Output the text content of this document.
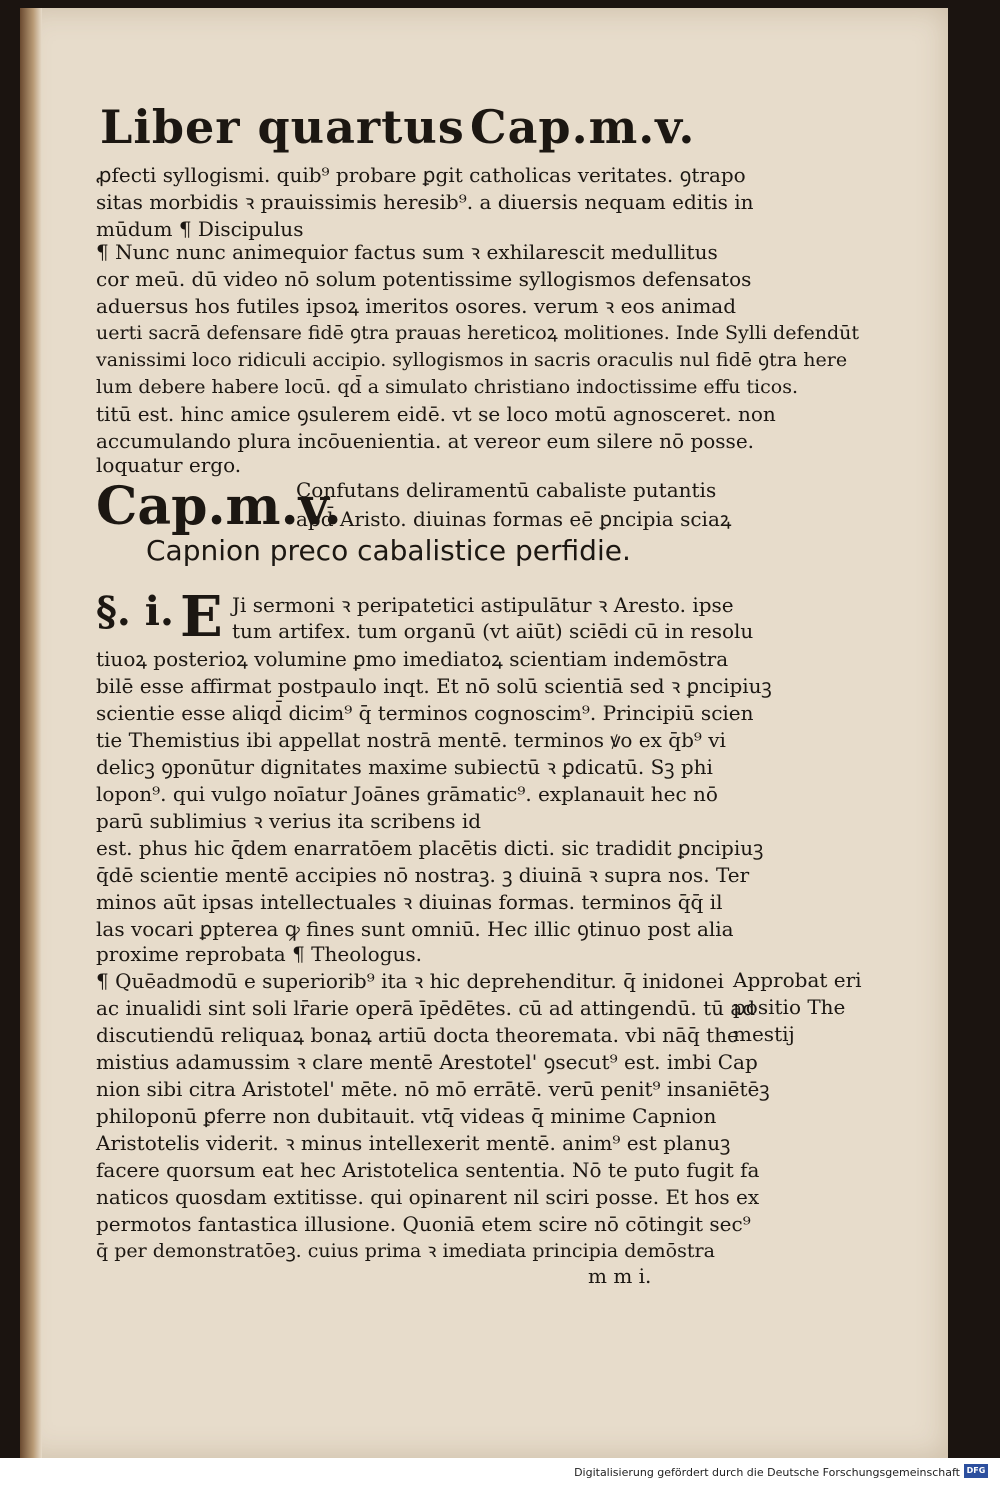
Liber quartus Cap.m.v.
ꝓfecti syllogismi. quib⁹ probare ꝑgit catholicas veritates. ꝯtrapo
sitas morbidis ꝛ prauissimis heresib⁹. a diuersis nequam editis in
mūdum ¶ Discipulus
¶ Nunc nunc animequior factus sum ꝛ exhilarescit medullitus
cor meū. dū video nō solum potentissime syllogismos defensatos
aduersus hos futiles ipsoꝝ imeritos osores. verum ꝛ eos animad
uerti sacrā defensare fidē ꝯtra prauas hereticoꝝ molitiones. Inde Sylli defendūt
vanissimi loco ridiculi accipio. syllogismos in sacris oraculis nul fidē ꝯtra here
lum debere habere locū. qd̄ a simulato christiano indoctissime effu ticos.
titū est. hinc amice ꝯsulerem eidē. vt se loco motū agnosceret. non
accumulando plura incōuenientia. at vereor eum silere nō posse.
loquatur ergo.
Cap.m.v.
Confutans deliramentū cabaliste putantis
apd̄ Aristo. diuinas formas eē ꝑncipia sciaꝝ
Capnion preco cabalistice perfidie.
§. i. E Ji sermoni ꝛ peripatetici astipulātur ꝛ Aresto. ipse
tum artifex. tum organū (vt aiūt) sciēdi cū in resolu
tiuoꝝ posterioꝝ volumine ꝑmo imediatoꝝ scientiam indemōstra
bilē esse affirmat postpaulo inqt. Et nō solū scientiā sed ꝛ ꝑncipiuꝫ
scientie esse aliqd̄ dicim⁹ q̄ terminos cognoscim⁹. Principiū scien
tie Themistius ibi appellat nostrā mentē. terminos ꝟo ex q̄b⁹ vi
delicꝫ ꝯponūtur dignitates maxime subiectū ꝛ ꝑdicatū. Sꝫ phi
lopon⁹. qui vulgo noīatur Joānes grāmatic⁹. explanauit hec nō
parū sublimius ꝛ verius ita scribens id
est. phus hic q̄dem enarratōem placētis dicti. sic tradidit ꝑncipiuꝫ
q̄dē scientie mentē accipies nō nostraꝫ. ꝫ diuinā ꝛ supra nos. Ter
minos aūt ipsas intellectuales ꝛ diuinas formas. terminos q̄q̄ il
las vocari ꝑpterea ꝙ fines sunt omniū. Hec illic ꝯtinuo post alia
proxime reprobata ¶ Theologus.
¶ Quēadmodū e superiorib⁹ ita ꝛ hic deprehenditur. q̄ inidonei
ac inualidi sint soli lr̄arie operā īpēdētes. cū ad attingendū. tū ad
discutiendū reliquaꝝ bonaꝝ artiū docta theoremata. vbi nāq̄ the
mistius adamussim ꝛ clare mentē Arestotel' ꝯsecut⁹ est. imbi Cap
nion sibi citra Aristotel' mēte. nō mō errātē. verū penit⁹ insaniētēꝫ
philoponū ꝑferre non dubitauit. vtq̄ videas q̄ minime Capnion
Aristotelis viderit. ꝛ minus intellexerit mentē. anim⁹ est planuꝫ
facere quorsum eat hec Aristotelica sententia. Nō te puto fugit fa
naticos quosdam extitisse. qui opinarent nil sciri posse. Et hos ex
permotos fantastica illusione. Quoniā etem scire nō cōtingit sec⁹
q̄ per demonstratōeꝫ. cuius prima ꝛ imediata principia demōstra
Approbat eri
positio The
mestij
m m i.
Digitalisierung gefördert durch die Deutsche Forschungsgemeinschaft DFG
